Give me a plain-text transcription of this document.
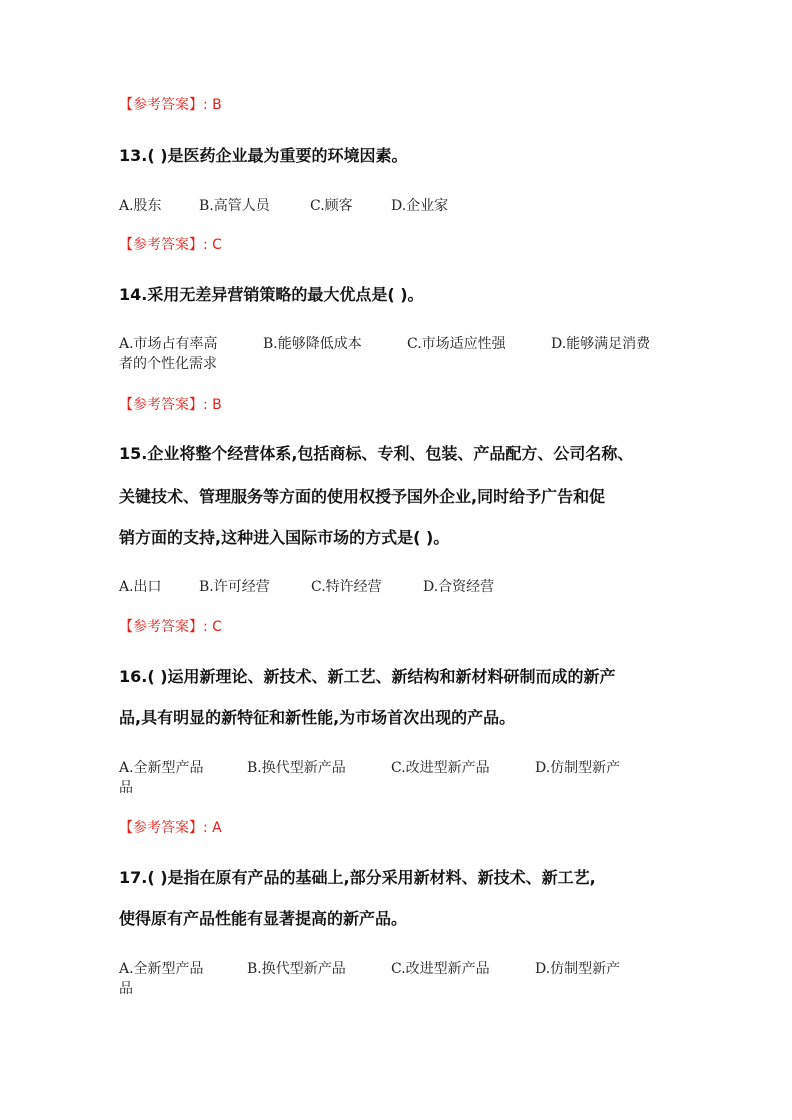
【参考答案】: B
13.( )是医药企业最为重要的环境因素。
A.股东	B.高管人员	C.顾客	D.企业家
【参考答案】: C
14.采用无差异营销策略的最大优点是( )。
A.市场占有率高	B.能够降低成本	C.市场适应性强	D.能够满足消费
者的个性化需求
【参考答案】: B
15.企业将整个经营体系,包括商标、专利、包装、产品配方、公司名称、
关键技术、管理服务等方面的使用权授予国外企业,同时给予广告和促
销方面的支持,这种进入国际市场的方式是( )。
A.出口	B.许可经营	C.特许经营	D.合资经营
【参考答案】: C
16.( )运用新理论、新技术、新工艺、新结构和新材料研制而成的新产
品,具有明显的新特征和新性能,为市场首次出现的产品。
A.全新型产品	B.换代型新产品	C.改进型新产品	D.仿制型新产
品
【参考答案】: A
17.( )是指在原有产品的基础上,部分采用新材料、新技术、新工艺,
使得原有产品性能有显著提高的新产品。
A.全新型产品	B.换代型新产品	C.改进型新产品	D.仿制型新产
品
